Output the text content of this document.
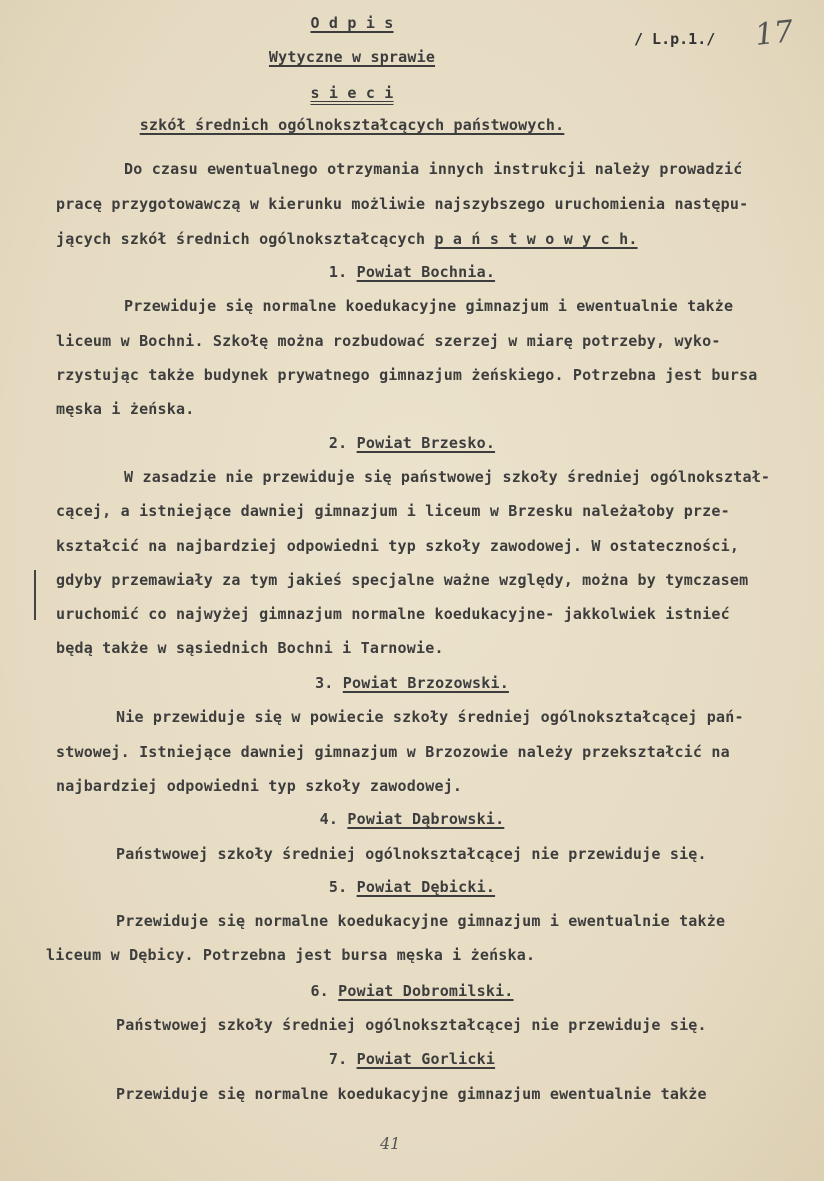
O d p i s
Wytyczne w sprawie
s i e c i
szkół średnich ogólnokształcących państwowych.
/ L.p.1./ 17
Do czasu ewentualnego otrzymania innych instrukcji należy prowadzić
pracę przygotowawczą w kierunku możliwie najszybszego uruchomienia następu-
jących szkół średnich ogólnokształcących p a ń s t w o w y c h.
1. Powiat Bochnia.
Przewiduje się normalne koedukacyjne gimnazjum i ewentualnie także
liceum w Bochni. Szkołę można rozbudować szerzej w miarę potrzeby, wyko-
rzystując także budynek prywatnego gimnazjum żeńskiego. Potrzebna jest bursa
męska i żeńska.
2. Powiat Brzesko.
W zasadzie nie przewiduje się państwowej szkoły średniej ogólnokształ-
cącej, a istniejące dawniej gimnazjum i liceum w Brzesku należałoby prze-
kształcić na najbardziej odpowiedni typ szkoły zawodowej. W ostateczności,
gdyby przemawiały za tym jakieś specjalne ważne względy, można by tymczasem
uruchomić co najwyżej gimnazjum normalne koedukacyjne- jakkolwiek istnieć
będą także w sąsiednich Bochni i Tarnowie.
3. Powiat Brzozowski.
Nie przewiduje się w powiecie szkoły średniej ogólnokształcącej pań-
stwowej. Istniejące dawniej gimnazjum w Brzozowie należy przekształcić na
najbardziej odpowiedni typ szkoły zawodowej.
4. Powiat Dąbrowski.
Państwowej szkoły średniej ogólnokształcącej nie przewiduje się.
5. Powiat Dębicki.
Przewiduje się normalne koedukacyjne gimnazjum i ewentualnie także
liceum w Dębicy. Potrzebna jest bursa męska i żeńska.
6. Powiat Dobromilski.
Państwowej szkoły średniej ogólnokształcącej nie przewiduje się.
7. Powiat Gorlicki
Przewiduje się normalne koedukacyjne gimnazjum ewentualnie także
41
